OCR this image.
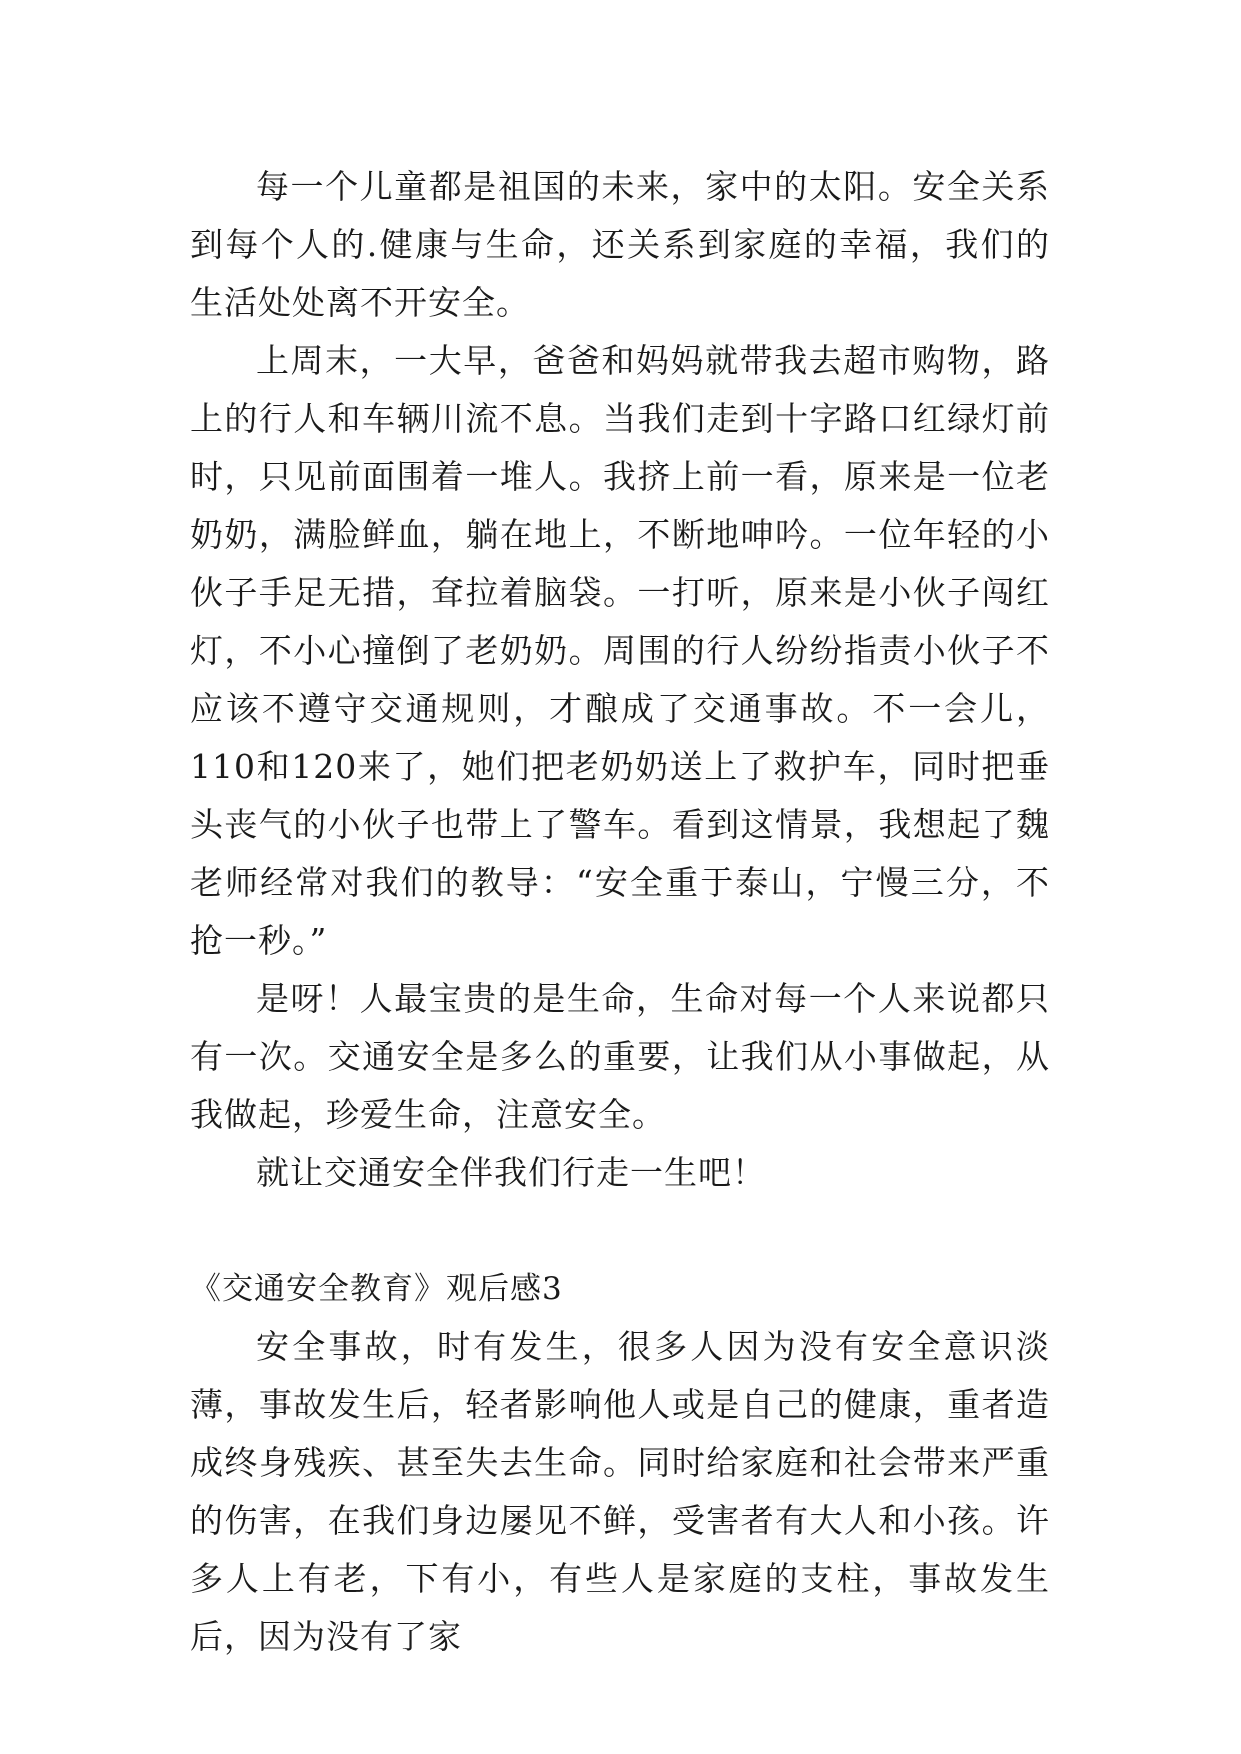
每一个儿童都是祖国的未来，家中的太阳。安全关系到每个人的.健康与生命，还关系到家庭的幸福，我们的生活处处离不开安全。

上周末，一大早，爸爸和妈妈就带我去超市购物，路上的行人和车辆川流不息。当我们走到十字路口红绿灯前时，只见前面围着一堆人。我挤上前一看，原来是一位老奶奶，满脸鲜血，躺在地上，不断地呻吟。一位年轻的小伙子手足无措，耷拉着脑袋。一打听，原来是小伙子闯红灯，不小心撞倒了老奶奶。周围的行人纷纷指责小伙子不应该不遵守交通规则，才酿成了交通事故。不一会儿，110和120来了，她们把老奶奶送上了救护车，同时把垂头丧气的小伙子也带上了警车。看到这情景，我想起了魏老师经常对我们的教导：“安全重于泰山，宁慢三分，不抢一秒。”

是呀！人最宝贵的是生命，生命对每一个人来说都只有一次。交通安全是多么的重要，让我们从小事做起，从我做起，珍爱生命，注意安全。

就让交通安全伴我们行走一生吧！

《交通安全教育》观后感3

安全事故，时有发生，很多人因为没有安全意识淡薄，事故发生后，轻者影响他人或是自己的健康，重者造成终身残疾、甚至失去生命。同时给家庭和社会带来严重的伤害，在我们身边屡见不鲜，受害者有大人和小孩。许多人上有老，下有小，有些人是家庭的支柱，事故发生后，因为没有了家
